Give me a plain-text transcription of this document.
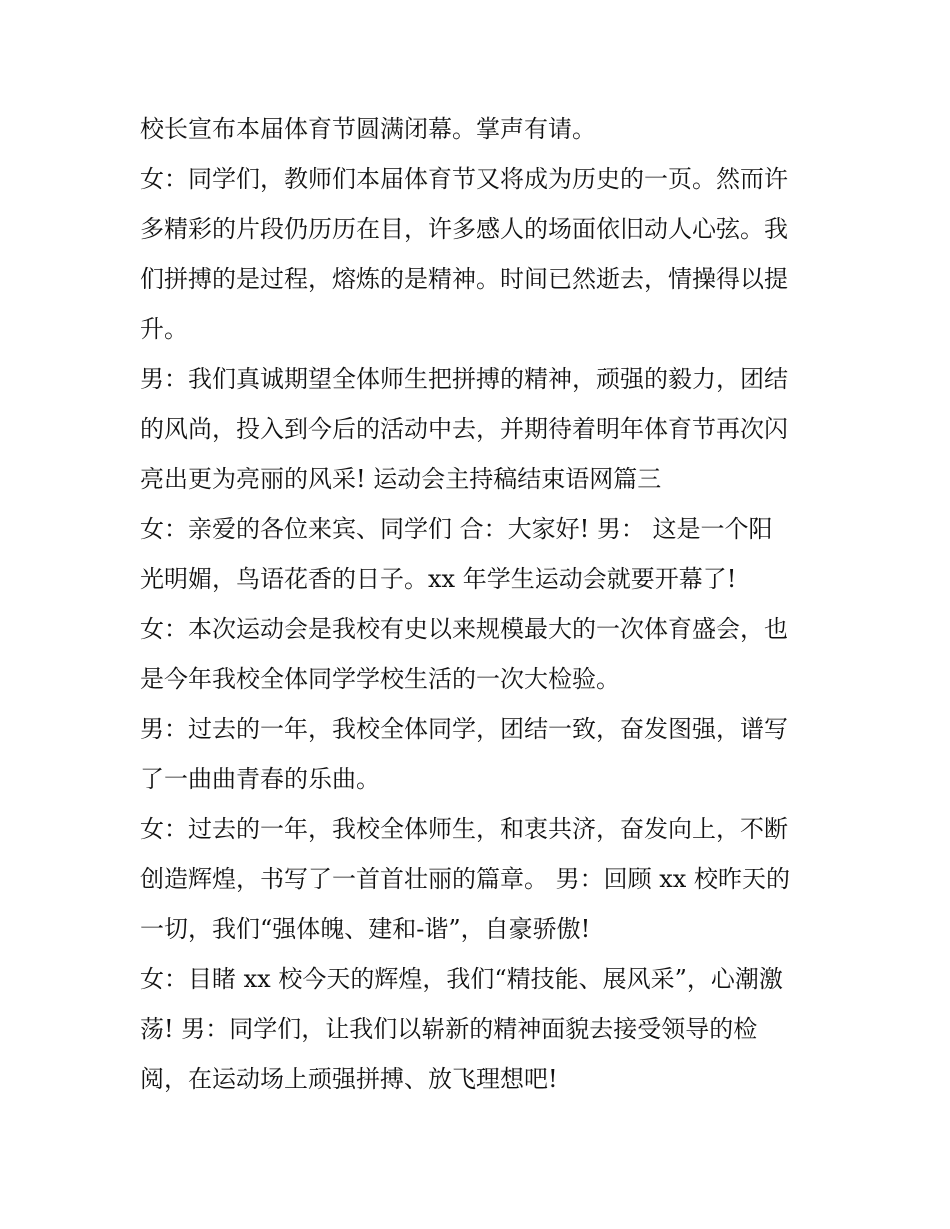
校长宣布本届体育节圆满闭幕。掌声有请。
女：同学们，教师们本届体育节又将成为历史的一页。然而许
多精彩的片段仍历历在目，许多感人的场面依旧动人心弦。我
们拼搏的是过程，熔炼的是精神。时间已然逝去，情操得以提
升。
男：我们真诚期望全体师生把拼搏的精神，顽强的毅力，团结
的风尚，投入到今后的活动中去，并期待着明年体育节再次闪
亮出更为亮丽的风采! 运动会主持稿结束语网篇三
女：亲爱的各位来宾、同学们 合：大家好! 男： 这是一个阳
光明媚，鸟语花香的日子。xx 年学生运动会就要开幕了!
女：本次运动会是我校有史以来规模最大的一次体育盛会，也
是今年我校全体同学学校生活的一次大检验。
男：过去的一年，我校全体同学，团结一致，奋发图强，谱写
了一曲曲青春的乐曲。
女：过去的一年，我校全体师生，和衷共济，奋发向上，不断
创造辉煌，书写了一首首壮丽的篇章。 男：回顾 xx 校昨天的
一切，我们“强体魄、建和-谐”，自豪骄傲!
女：目睹 xx 校今天的辉煌，我们“精技能、展风采”，心潮激
荡! 男：同学们，让我们以崭新的精神面貌去接受领导的检
阅，在运动场上顽强拼搏、放飞理想吧!
